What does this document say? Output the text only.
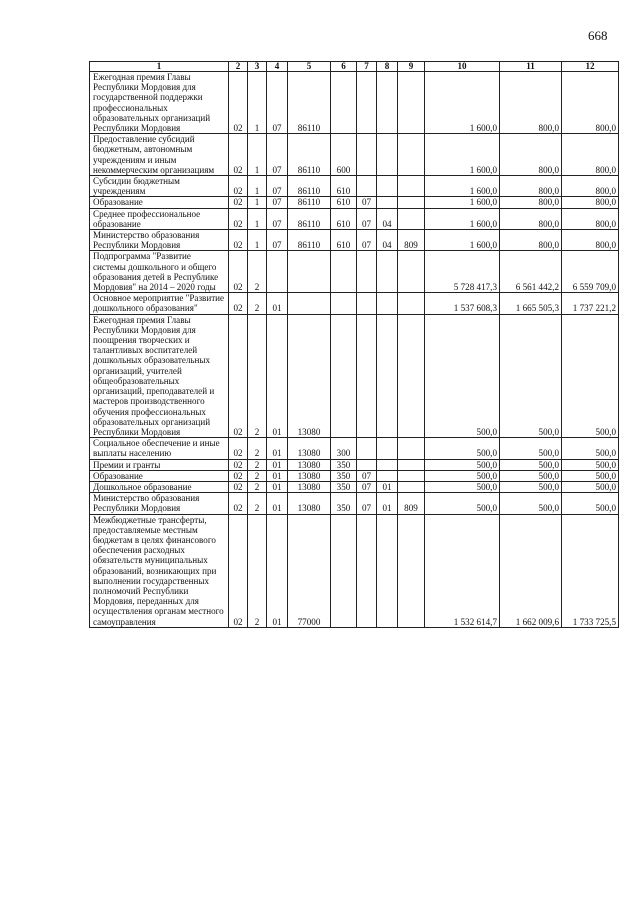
668
1	2	3	4	5	6	7	8	9	10	11	12
Ежегодная премия Главы Республики Мордовия для государственной поддержки профессиональных образовательных организаций Республики Мордовия	02	1	07	86110					1 600,0	800,0	800,0
Предоставление субсидий бюджетным, автономным учреждениям и иным некоммерческим организациям	02	1	07	86110	600				1 600,0	800,0	800,0
Субсидии бюджетным учреждениям	02	1	07	86110	610				1 600,0	800,0	800,0
Образование	02	1	07	86110	610	07			1 600,0	800,0	800,0
Среднее профессиональное образование	02	1	07	86110	610	07	04		1 600,0	800,0	800,0
Министерство образования Республики Мордовия	02	1	07	86110	610	07	04	809	1 600,0	800,0	800,0
Подпрограмма "Развитие системы дошкольного и общего образования детей в Республике Мордовия" на 2014 – 2020 годы	02	2							5 728 417,3	6 561 442,2	6 559 709,0
Основное мероприятие "Развитие дошкольного образования"	02	2	01						1 537 608,3	1 665 505,3	1 737 221,2
Ежегодная премия Главы Республики Мордовия для поощрения творческих и талантливых воспитателей дошкольных образовательных организаций, учителей общеобразовательных организаций, преподавателей и мастеров производственного обучения профессиональных образовательных организаций Республики Мордовия	02	2	01	13080					500,0	500,0	500,0
Социальное обеспечение и иные выплаты населению	02	2	01	13080	300				500,0	500,0	500,0
Премии и гранты	02	2	01	13080	350				500,0	500,0	500,0
Образование	02	2	01	13080	350	07			500,0	500,0	500,0
Дошкольное образование	02	2	01	13080	350	07	01		500,0	500,0	500,0
Министерство образования Республики Мордовия	02	2	01	13080	350	07	01	809	500,0	500,0	500,0
Межбюджетные трансферты, предоставляемые местным бюджетам в целях финансового обеспечения расходных обязательств муниципальных образований, возникающих при выполнении государственных полномочий Республики Мордовия, переданных для осуществления органам местного самоуправления	02	2	01	77000					1 532 614,7	1 662 009,6	1 733 725,5
